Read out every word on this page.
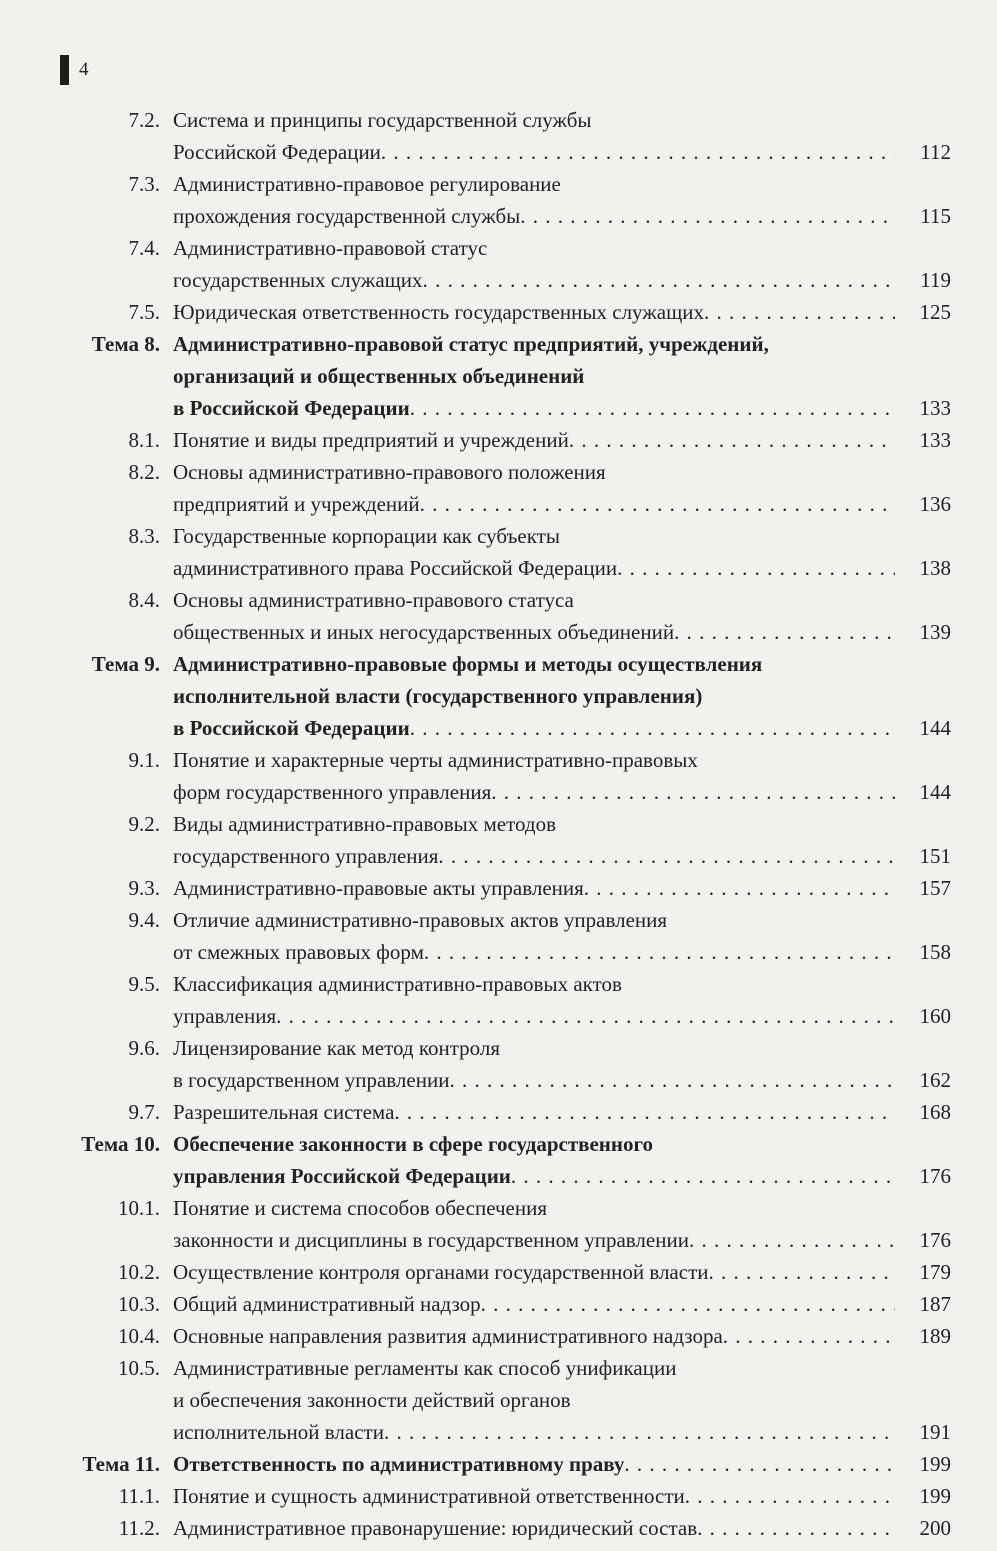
4
7.2. Система и принципы государственной службы
Российской Федерации . . .	112
7.3. Административно-правовое регулирование
прохождения государственной службы . . .	115
7.4. Административно-правовой статус
государственных служащих . . .	119
7.5. Юридическая ответственность государственных служащих . . .	125
Тема 8. Административно-правовой статус предприятий, учреждений,
организаций и общественных объединений
в Российской Федерации . . .	133
8.1. Понятие и виды предприятий и учреждений . . .	133
8.2. Основы административно-правового положения
предприятий и учреждений . . .	136
8.3. Государственные корпорации как субъекты
административного права Российской Федерации . . .	138
8.4. Основы административно-правового статуса
общественных и иных негосударственных объединений . . .	139
Тема 9. Административно-правовые формы и методы осуществления
исполнительной власти (государственного управления)
в Российской Федерации . . .	144
9.1. Понятие и характерные черты административно-правовых
форм государственного управления . . .	144
9.2. Виды административно-правовых методов
государственного управления . . .	151
9.3. Административно-правовые акты управления . . .	157
9.4. Отличие административно-правовых актов управления
от смежных правовых форм . . .	158
9.5. Классификация административно-правовых актов
управления . . .	160
9.6. Лицензирование как метод контроля
в государственном управлении . . .	162
9.7. Разрешительная система . . .	168
Тема 10. Обеспечение законности в сфере государственного
управления Российской Федерации . . .	176
10.1. Понятие и система способов обеспечения
законности и дисциплины в государственном управлении . . .	176
10.2. Осуществление контроля органами государственной власти . . .	179
10.3. Общий административный надзор . . .	187
10.4. Основные направления развития административного надзора . . .	189
10.5. Административные регламенты как способ унификации
и обеспечения законности действий органов
исполнительной власти . . .	191
Тема 11. Ответственность по административному праву . . .	199
11.1. Понятие и сущность административной ответственности . . .	199
11.2. Административное правонарушение: юридический состав . . .	200
